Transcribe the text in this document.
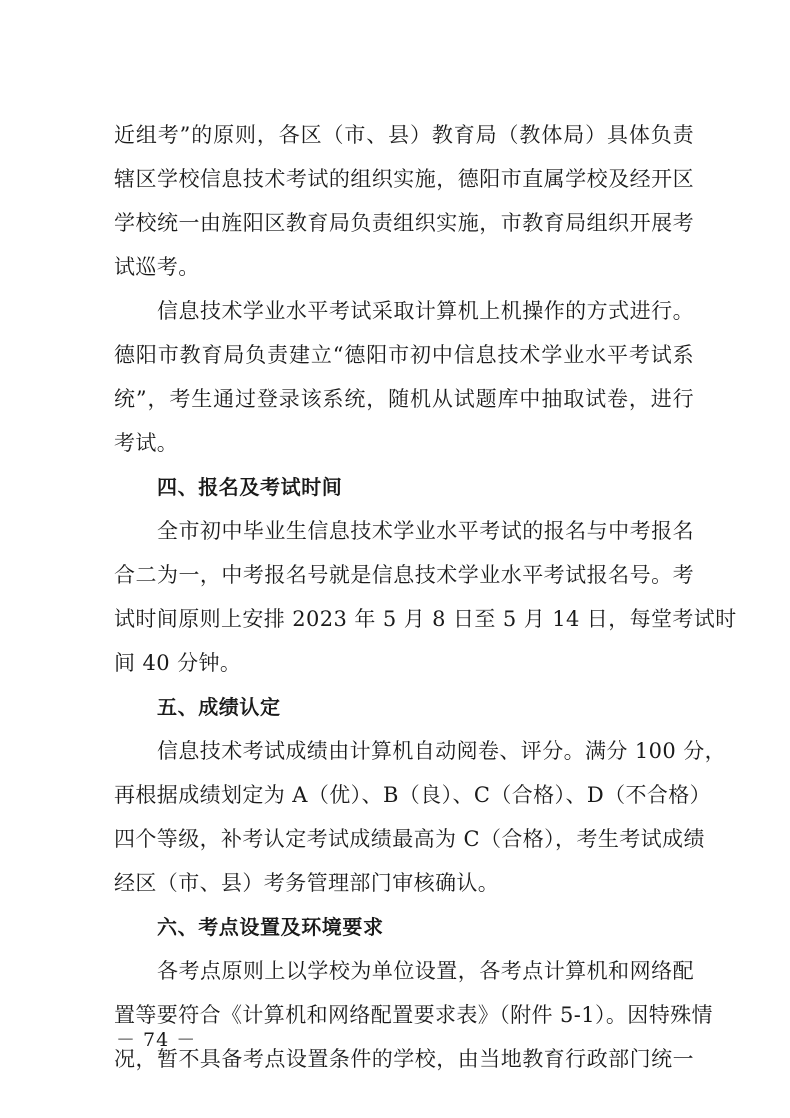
近组考”的原则，各区（市、县）教育局（教体局）具体负责
辖区学校信息技术考试的组织实施，德阳市直属学校及经开区
学校统一由旌阳区教育局负责组织实施，市教育局组织开展考
试巡考。
信息技术学业水平考试采取计算机上机操作的方式进行。
德阳市教育局负责建立“德阳市初中信息技术学业水平考试系
统”，考生通过登录该系统，随机从试题库中抽取试卷，进行
考试。
四、报名及考试时间
全市初中毕业生信息技术学业水平考试的报名与中考报名
合二为一，中考报名号就是信息技术学业水平考试报名号。考
试时间原则上安排 2023 年 5 月 8 日至 5 月 14 日，每堂考试时
间 40 分钟。
五、成绩认定
信息技术考试成绩由计算机自动阅卷、评分。满分 100 分，
再根据成绩划定为 A（优）、B（良）、C（合格）、D（不合格）
四个等级，补考认定考试成绩最高为 C（合格），考生考试成绩
经区（市、县）考务管理部门审核确认。
六、考点设置及环境要求
各考点原则上以学校为单位设置，各考点计算机和网络配
置等要符合《计算机和网络配置要求表》（附件 5-1）。因特殊情
况，暂不具备考点设置条件的学校，由当地教育行政部门统一
－ 74 －
